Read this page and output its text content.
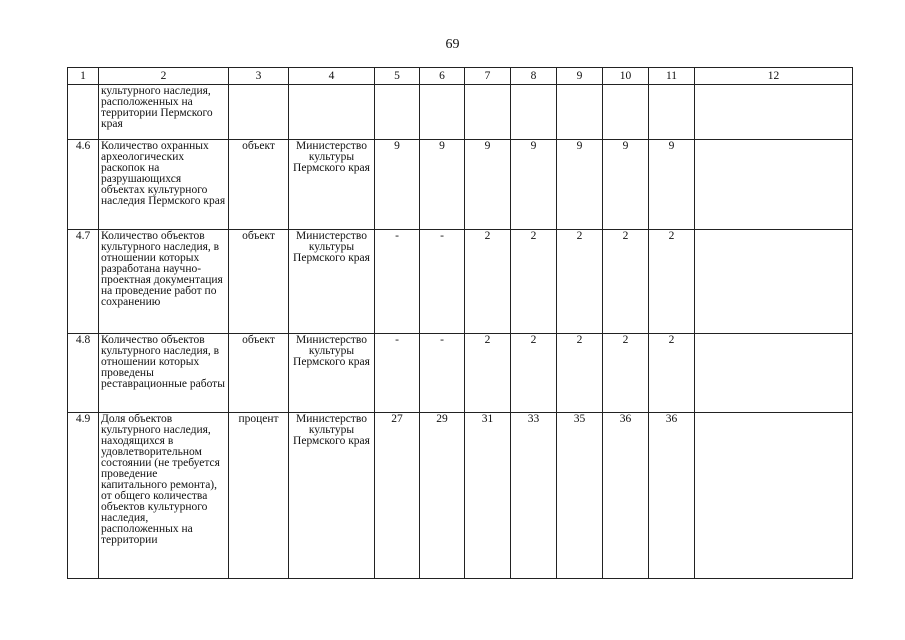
69
1	2	3	4	5	6	7	8	9	10	11	12
	культурного наследия, расположенных на территории Пермского края										
4.6	Количество охранных археологических раскопок на разрушающихся объектах культурного наследия Пермского края	объект	Министерство культуры Пермского края	9	9	9	9	9	9	9	
4.7	Количество объектов культурного наследия, в отношении которых разработана научно-проектная документация на проведение работ по сохранению	объект	Министерство культуры Пермского края	-	-	2	2	2	2	2	
4.8	Количество объектов культурного наследия, в отношении которых проведены реставрационные работы	объект	Министерство культуры Пермского края	-	-	2	2	2	2	2	
4.9	Доля объектов культурного наследия, находящихся в удовлетворительном состоянии (не требуется проведение капитального ремонта), от общего количества объектов культурного наследия, расположенных на территории	процент	Министерство культуры Пермского края	27	29	31	33	35	36	36	
